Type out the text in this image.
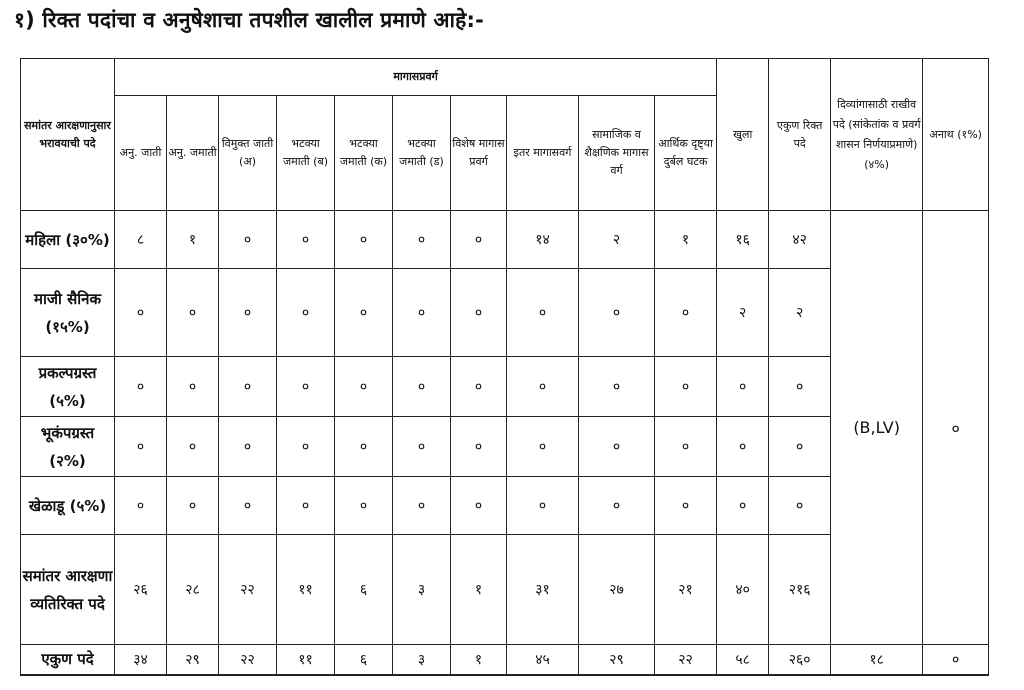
१) रिक्त पदांचा व अनुषेशाचा तपशील खालील प्रमाणे आहे:-
समांतर आरक्षणानुसार भरावयाची पदे	मागासप्रवर्ग										खुला	एकुण रिक्त पदे	दिव्यांगासाठी राखीव पदे (सांकेतांक व प्रवर्ग शासन निर्णयाप्रमाणे) (४%)	अनाथ (१%)
	अनु. जाती	अनु. जमाती	विमुक्त जाती (अ)	भटक्या जमाती (ब)	भटक्या जमाती (क)	भटक्या जमाती (ड)	विशेष मागास प्रवर्ग	इतर मागासवर्ग	सामाजिक व शैक्षणिक मागास वर्ग	आर्थिक दृष्ट्या दुर्बल घटक				
महिला (३०%)	८	१	०	०	०	०	०	१४	२	१	१६	४२	(B,LV)	०
माजी सैनिक (१५%)	०	०	०	०	०	०	०	०	०	०	२	२		
प्रकल्पग्रस्त (५%)	०	०	०	०	०	०	०	०	०	०	०	०		
भूकंपग्रस्त (२%)	०	०	०	०	०	०	०	०	०	०	०	०		
खेळाडू (५%)	०	०	०	०	०	०	०	०	०	०	०	०		
समांतर आरक्षणा व्यतिरिक्त पदे	२६	२८	२२	११	६	३	१	३१	२७	२१	४०	२१६		
एकुण पदे	३४	२९	२२	११	६	३	१	४५	२९	२२	५८	२६०	१८	०
